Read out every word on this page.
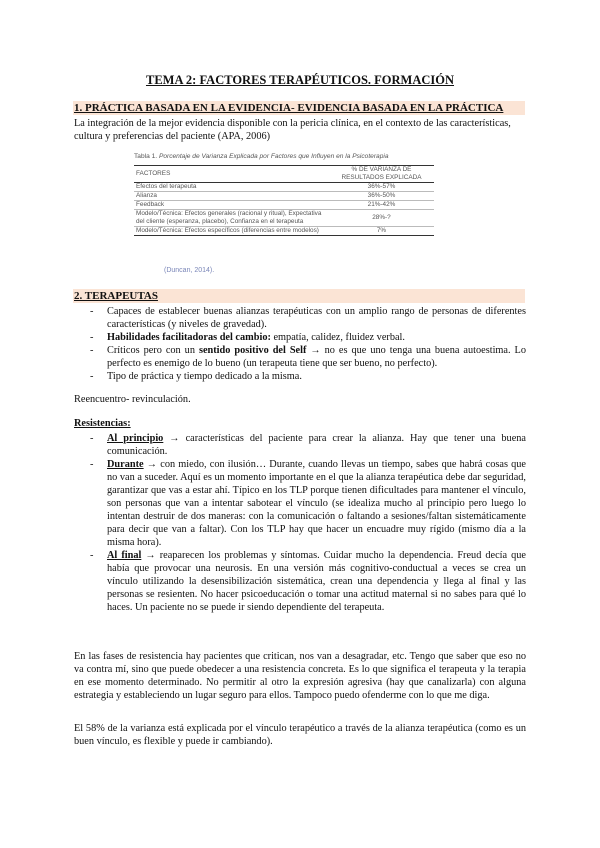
TEMA 2: FACTORES TERAPÉUTICOS. FORMACIÓN
1. PRÁCTICA BASADA EN LA EVIDENCIA- EVIDENCIA BASADA EN LA PRÁCTICA
La integración de la mejor evidencia disponible con la pericia clínica, en el contexto de las características, cultura y preferencias del paciente (APA, 2006)
Tabla 1. Porcentaje de Varianza Explicada por Factores que Influyen en la Psicoterapia
FACTORES	% DE VARIANZA DE RESULTADOS EXPLICADA
Efectos del terapeuta	36%-57%
Alianza	36%-50%
Feedback	21%-42%
Modelo/Técnica: Efectos generales (racional y ritual), Expectativa del cliente (esperanza, placebo), Confianza en el terapeuta	28%-?
Modelo/Técnica: Efectos específicos (diferencias entre modelos)	7%
(Duncan, 2014).
2. TERAPEUTAS
- Capaces de establecer buenas alianzas terapéuticas con un amplio rango de personas de diferentes características (y niveles de gravedad).
- Habilidades facilitadoras del cambio: empatía, calidez, fluidez verbal.
- Críticos pero con un sentido positivo del Self → no es que uno tenga una buena autoestima. Lo perfecto es enemigo de lo bueno (un terapeuta tiene que ser bueno, no perfecto).
- Tipo de práctica y tiempo dedicado a la misma.
Reencuentro- revinculación.
Resistencias:
- Al principio → características del paciente para crear la alianza. Hay que tener una buena comunicación.
- Durante → con miedo, con ilusión… Durante, cuando llevas un tiempo, sabes que habrá cosas que no van a suceder. Aquí es un momento importante en el que la alianza terapéutica debe dar seguridad, garantizar que vas a estar ahí. Típico en los TLP porque tienen dificultades para mantener el vínculo, son personas que van a intentar sabotear el vínculo (se idealiza mucho al principio pero luego lo intentan destruir de dos maneras: con la comunicación o faltando a sesiones/faltan sistemáticamente para decir que van a faltar). Con los TLP hay que hacer un encuadre muy rígido (mismo día a la misma hora).
- Al final → reaparecen los problemas y síntomas. Cuidar mucho la dependencia. Freud decía que había que provocar una neurosis. En una versión más cognitivo-conductual a veces se crea un vínculo utilizando la desensibilización sistemática, crean una dependencia y llega al final y las personas se resienten. No hacer psicoeducación o tomar una actitud maternal si no sabes para qué lo haces. Un paciente no se puede ir siendo dependiente del terapeuta.
En las fases de resistencia hay pacientes que critican, nos van a desagradar, etc. Tengo que saber que eso no va contra mí, sino que puede obedecer a una resistencia concreta. Es lo que significa el terapeuta y la terapia en ese momento determinado. No permitir al otro la expresión agresiva (hay que canalizarla) con alguna estrategia y estableciendo un lugar seguro para ellos. Tampoco puedo ofenderme con lo que me diga.
El 58% de la varianza está explicada por el vínculo terapéutico a través de la alianza terapéutica (como es un buen vínculo, es flexible y puede ir cambiando).
